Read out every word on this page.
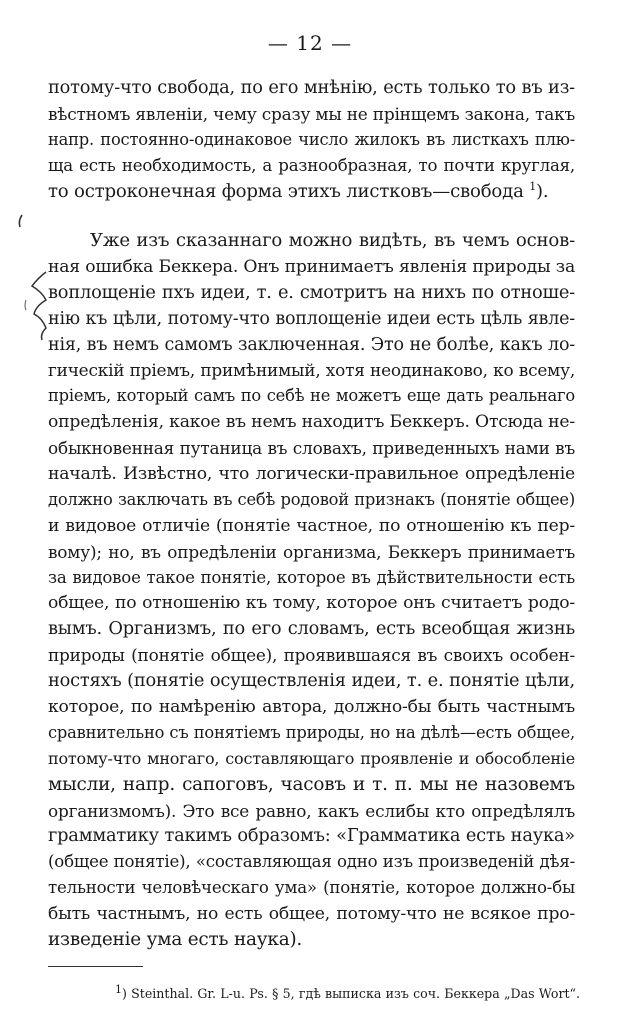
— 12 —
потому-что свобода, по его мнѣнію, есть только то въ из-
вѣстномъ явленіи, чему сразу мы не прінщемъ закона, такъ
напр. постоянно-одинаковое число жилокъ въ листкахъ плю-
ща есть необходимость, а разнообразная, то почти круглая,
то остроконечная форма этихъ листковъ—свобода $^1$).
Уже изъ сказаннаго можно видѣть, въ чемъ основ-
ная ошибка Беккера. Онъ принимаетъ явленія природы за
воплощеніе пхъ идеи, т. е. смотритъ на нихъ по отноше-
нію къ цѣли, потому-что воплощеніе идеи есть цѣль явле-
нія, въ немъ самомъ заключенная. Это не болѣе, какъ ло-
гическій пріемъ, примѣнимый, хотя неодинаково, ко всему,
пріемъ, который самъ по себѣ не можетъ еще дать реальнаго
опредѣленія, какое въ немъ находитъ Беккеръ. Отсюда не-
обыкновенная путаница въ словахъ, приведенныхъ нами въ
началѣ. Извѣстно, что логически-правильное опредѣленіе
должно заключать въ себѣ родовой признакъ (понятіе общее)
и видовое отличіе (понятіе частное, по отношенію къ пер-
вому); но, въ опредѣленіи организма, Беккеръ принимаетъ
за видовое такое понятіе, которое въ дѣйствительности есть
общее, по отношенію къ тому, которое онъ считаетъ родо-
вымъ. Организмъ, по его словамъ, есть всеобщая жизнь
природы (понятіе общее), проявившаяся въ своихъ особен-
ностяхъ (понятіе осуществленія идеи, т. е. понятіе цѣли,
которое, по намѣренію автора, должно-бы быть частнымъ
сравнительно съ понятіемъ природы, но на дѣлѣ—есть общее,
потому-что многаго, составляющаго проявленіе и обособленіе
мысли, напр. сапоговъ, часовъ и т. п. мы не назовемъ
организмомъ). Это все равно, какъ еслибы кто опредѣлялъ
грамматику такимъ образомъ: «Грамматика есть наука»
(общее понятіе), «составляющая одно изъ произведеній дѣя-
тельности человѣческаго ума» (понятіе, которое должно-бы
быть частнымъ, но есть общее, потому-что не всякое про-
изведеніе ума есть наука).
$^1$) Steinthal. Gr. L-u. Ps. § 5, гдѣ выписка изъ соч. Беккера „Das Wort“.
